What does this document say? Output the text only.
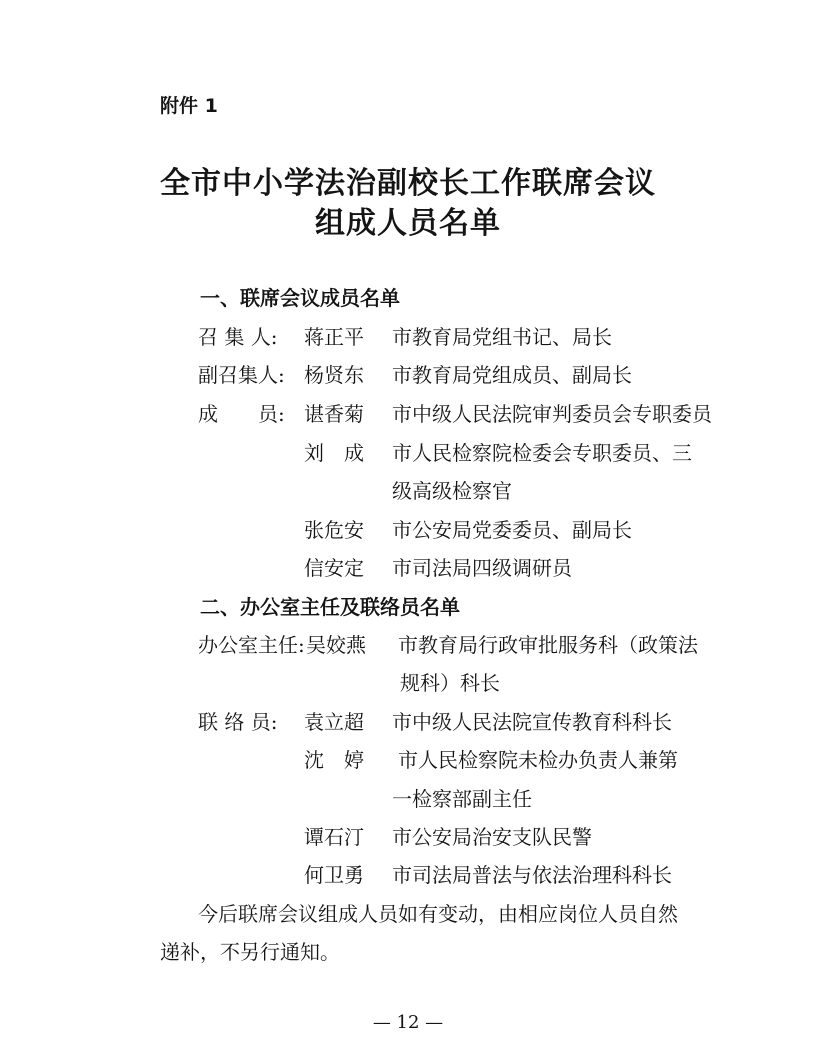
附件 1
全市中小学法治副校长工作联席会议
组成人员名单
一、联席会议成员名单
召 集 人: 蒋正平 市教育局党组书记、局长
副召集人: 杨贤东 市教育局党组成员、副局长
成　　员: 谌香菊 市中级人民法院审判委员会专职委员
刘　成 市人民检察院检委会专职委员、三
级高级检察官
张危安 市公安局党委委员、副局长
信安定 市司法局四级调研员
二、办公室主任及联络员名单
办公室主任: 吴姣燕 市教育局行政审批服务科（政策法
规科）科长
联 络 员: 袁立超 市中级人民法院宣传教育科科长
沈　婷 市人民检察院未检办负责人兼第
一检察部副主任
谭石汀 市公安局治安支队民警
何卫勇 市司法局普法与依法治理科科长
今后联席会议组成人员如有变动，由相应岗位人员自然
递补，不另行通知。
— 12 —
